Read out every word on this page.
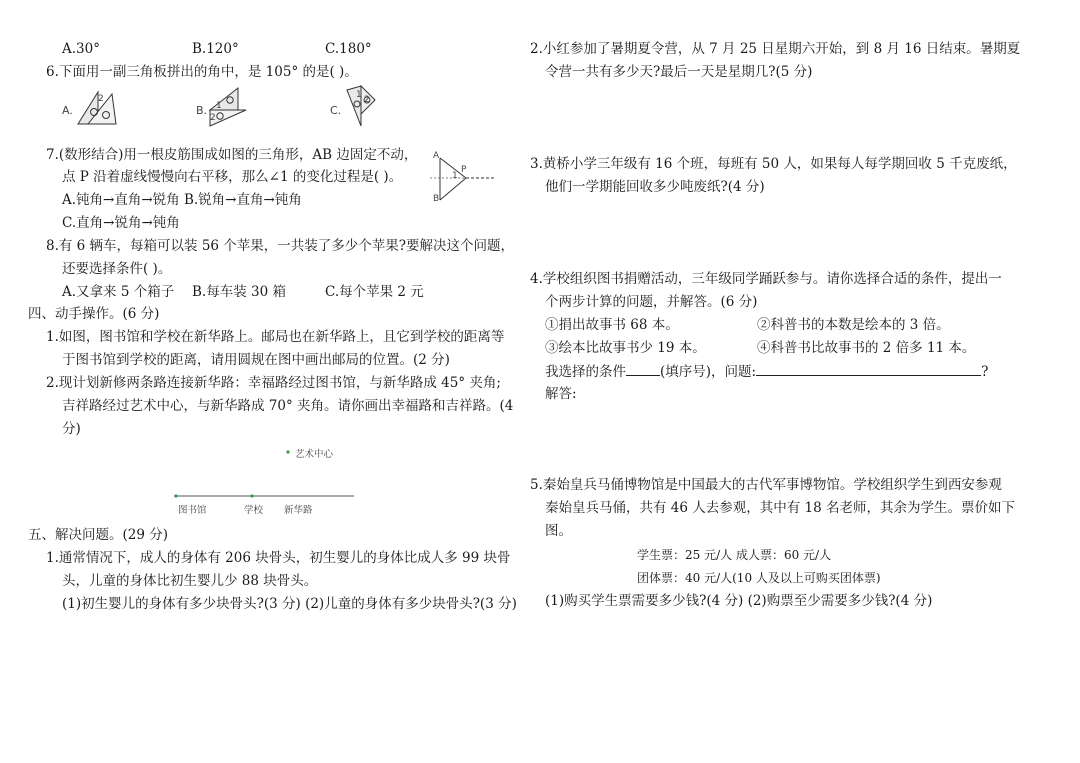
A.30°	B.120°	C.180°
6.下面用一副三角板拼出的角中，是 105° 的是( )。
A.
2
B. 1
2
C.
1 2
7.(数形结合)用一根皮筋围成如图的三角形，AB 边固定不动，
点 P 沿着虚线慢慢向右平移，那么∠1 的变化过程是( )。
A.钝角→直角→锐角 B.锐角→直角→钝角
C.直角→锐角→钝角
A
B
P
1
8.有 6 辆车，每箱可以装 56 个苹果，一共装了多少个苹果?要解决这个问题，
还要选择条件( )。
A.又拿来 5 个箱子 B.每车装 30 箱	C.每个苹果 2 元
四、动手操作。(6 分)
1.如图，图书馆和学校在新华路上。邮局也在新华路上，且它到学校的距离等
于图书馆到学校的距离，请用圆规在图中画出邮局的位置。(2 分)
2.现计划新修两条路连接新华路：幸福路经过图书馆，与新华路成 45° 夹角;
吉祥路经过艺术中心，与新华路成 70° 夹角。请你画出幸福路和吉祥路。(4
分)
艺术中心
图书馆	学校 新华路
五、解决问题。(29 分)
1.通常情况下，成人的身体有 206 块骨头，初生婴儿的身体比成人多 99 块骨
头，儿童的身体比初生婴儿少 88 块骨头。
(1)初生婴儿的身体有多少块骨头?(3 分) (2)儿童的身体有多少块骨头?(3 分)
2.小红参加了暑期夏令营，从 7 月 25 日星期六开始，到 8 月 16 日结束。暑期夏
令营一共有多少天?最后一天是星期几?(5 分)
3.黄桥小学三年级有 16 个班，每班有 50 人，如果每人每学期回收 5 千克废纸，
他们一学期能回收多少吨废纸?(4 分)
4.学校组织图书捐赠活动，三年级同学踊跃参与。请你选择合适的条件，提出一
个两步计算的问题，并解答。(6 分)
①捐出故事书 68 本。	②科普书的本数是绘本的 3 倍。
③绘本比故事书少 19 本。	④科普书比故事书的 2 倍多 11 本。
我选择的条件	(填序号)，问题:	?
解答:
5.秦始皇兵马俑博物馆是中国最大的古代军事博物馆。学校组织学生到西安参观
秦始皇兵马俑，共有 46 人去参观，其中有 18 名老师，其余为学生。票价如下
图。
学生票：25 元/人 成人票：60 元/人
团体票：40 元/人(10 人及以上可购买团体票)
(1)购买学生票需要多少钱?(4 分) (2)购票至少需要多少钱?(4 分)
